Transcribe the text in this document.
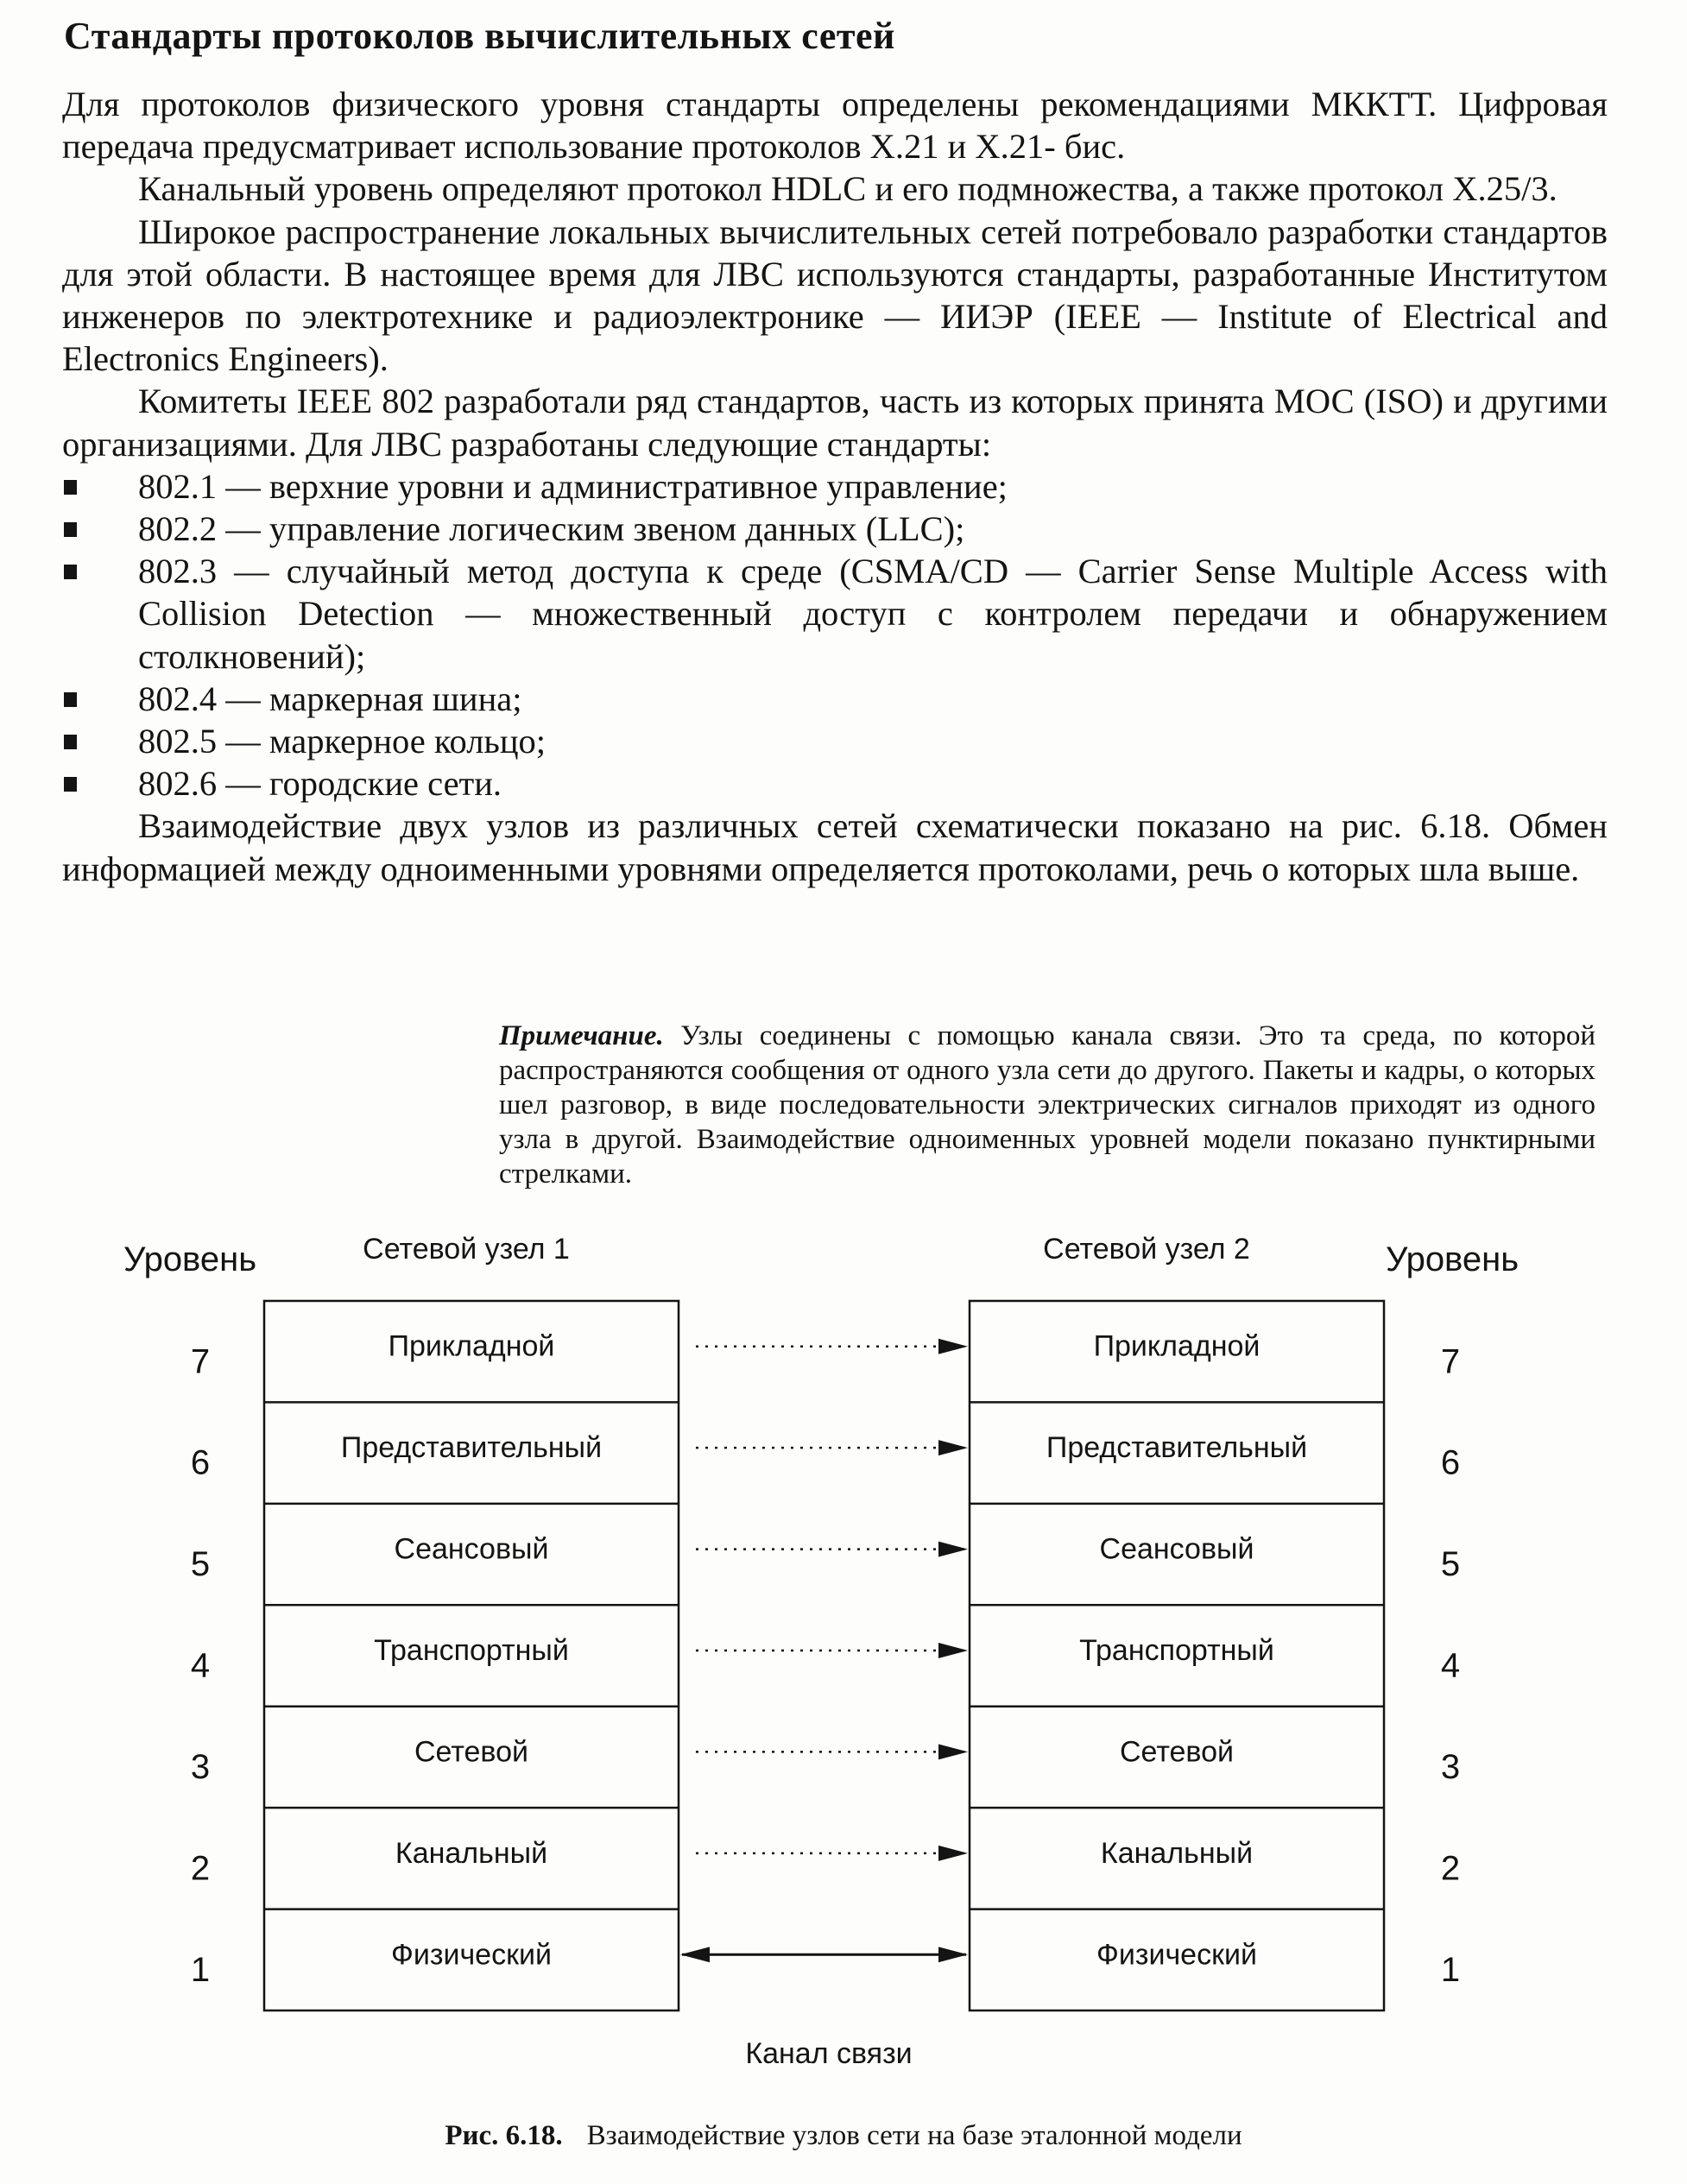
Стандарты протоколов вычислительных сетей

Для протоколов физического уровня стандарты определены рекомендациями МККТТ. Цифровая передача предусматривает использование протоколов Х.21 и Х.21- бис.

Канальный уровень определяют протокол HDLC и его подмножества, а также протокол Х.25/3.

Широкое распространение локальных вычислительных сетей потребовало разработки стандартов для этой области. В настоящее время для ЛВС используются стандарты, разработанные Институтом инженеров по электротехнике и радиоэлектронике — ИИЭР (IEEE — Institute of Electrical and Electronics Engineers).

Комитеты IEEE 802 разработали ряд стандартов, часть из которых принята МОС (ISO) и другими организациями. Для ЛВС разработаны следующие стандарты:

802.1 — верхние уровни и административное управление;
802.2 — управление логическим звеном данных (LLC);
802.3 — случайный метод доступа к среде (CSMA/CD — Carrier Sense Multiple Access with Collision Detection — множественный доступ с контролем передачи и обнаружением столкновений);
802.4 — маркерная шина;
802.5 — маркерное кольцо;
802.6 — городские сети.

Взаимодействие двух узлов из различных сетей схематически показано на рис. 6.18. Обмен информацией между одноименными уровнями определяется протоколами, речь о которых шла выше.

Примечание. Узлы соединены с помощью канала связи. Это та среда, по которой распространяются сообщения от одного узла сети до другого. Пакеты и кадры, о которых шел разговор, в виде последовательности электрических сигналов приходят из одного узла в другой. Взаимодействие одноименных уровней модели показано пунктирными стрелками.
Уровень	Уровень
Сетевой узел 1	Сетевой узел 2
Прикладной	Прикладной
7	7
Представительный	Представительный
6	6
Сеансовый	Сеансовый
5	5
Транспортный	Транспортный
4	4
Сетевой	Сетевой
3	3
Канальный	Канальный
2	2
Физический	Физический
1	1
Канал связи
Рис. 6.18. Взаимодействие узлов сети на базе эталонной модели
